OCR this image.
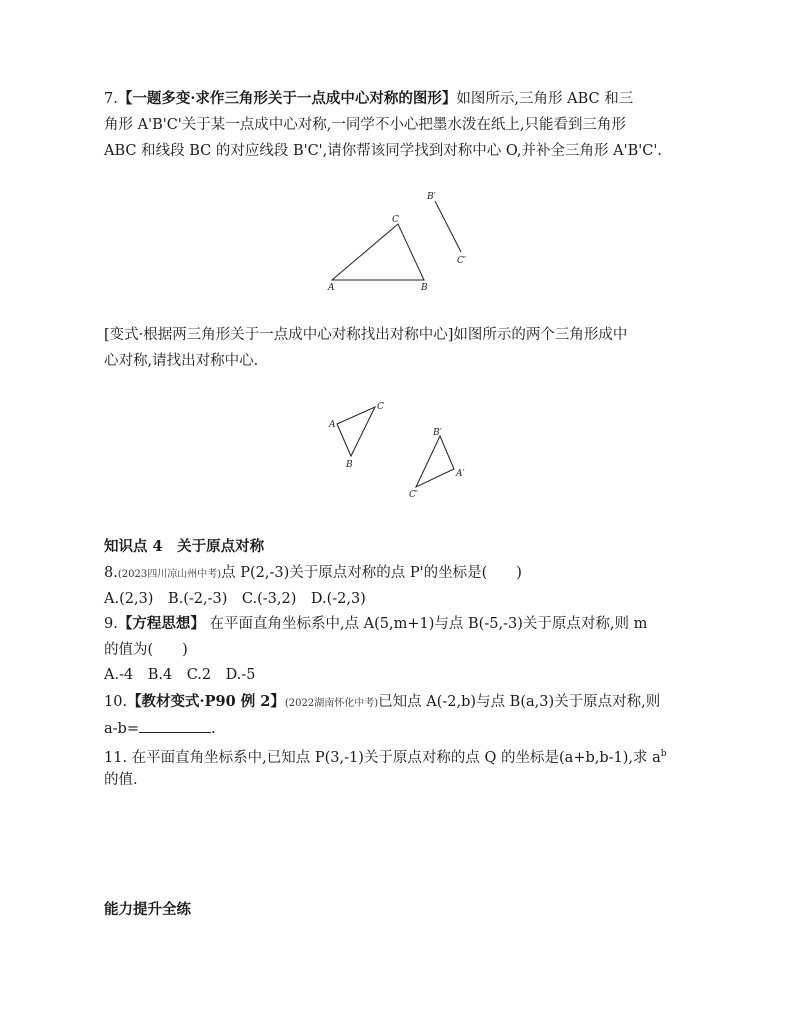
7.【一题多变·求作三角形关于一点成中心对称的图形】如图所示,三角形 ABC 和三
角形 A'B'C'关于某一点成中心对称,一同学不小心把墨水泼在纸上,只能看到三角形
ABC 和线段 BC 的对应线段 B'C',请你帮该同学找到对称中心 O,并补全三角形 A'B'C'.
A	B
C
B′
C′
[变式·根据两三角形关于一点成中心对称找出对称中心]如图所示的两个三角形成中
心对称,请找出对称中心.
A
B
C
A′
B′
C′
知识点 4　关于原点对称
8.(2023四川凉山州中考)点 P(2,-3)关于原点对称的点 P'的坐标是(　　)
A.(2,3)　B.(-2,-3)　C.(-3,2)　D.(-2,3)
9.【方程思想】 在平面直角坐标系中,点 A(5,m+1)与点 B(-5,-3)关于原点对称,则 m
的值为(　　)
A.-4　B.4　C.2　D.-5
10.【教材变式·P90 例 2】(2022湖南怀化中考)已知点 A(-2,b)与点 B(a,3)关于原点对称,则
a-b=	.
11. 在平面直角坐标系中,已知点 P(3,-1)关于原点对称的点 Q 的坐标是(a+b,b-1),求 $a^b$
的值.
能力提升全练
